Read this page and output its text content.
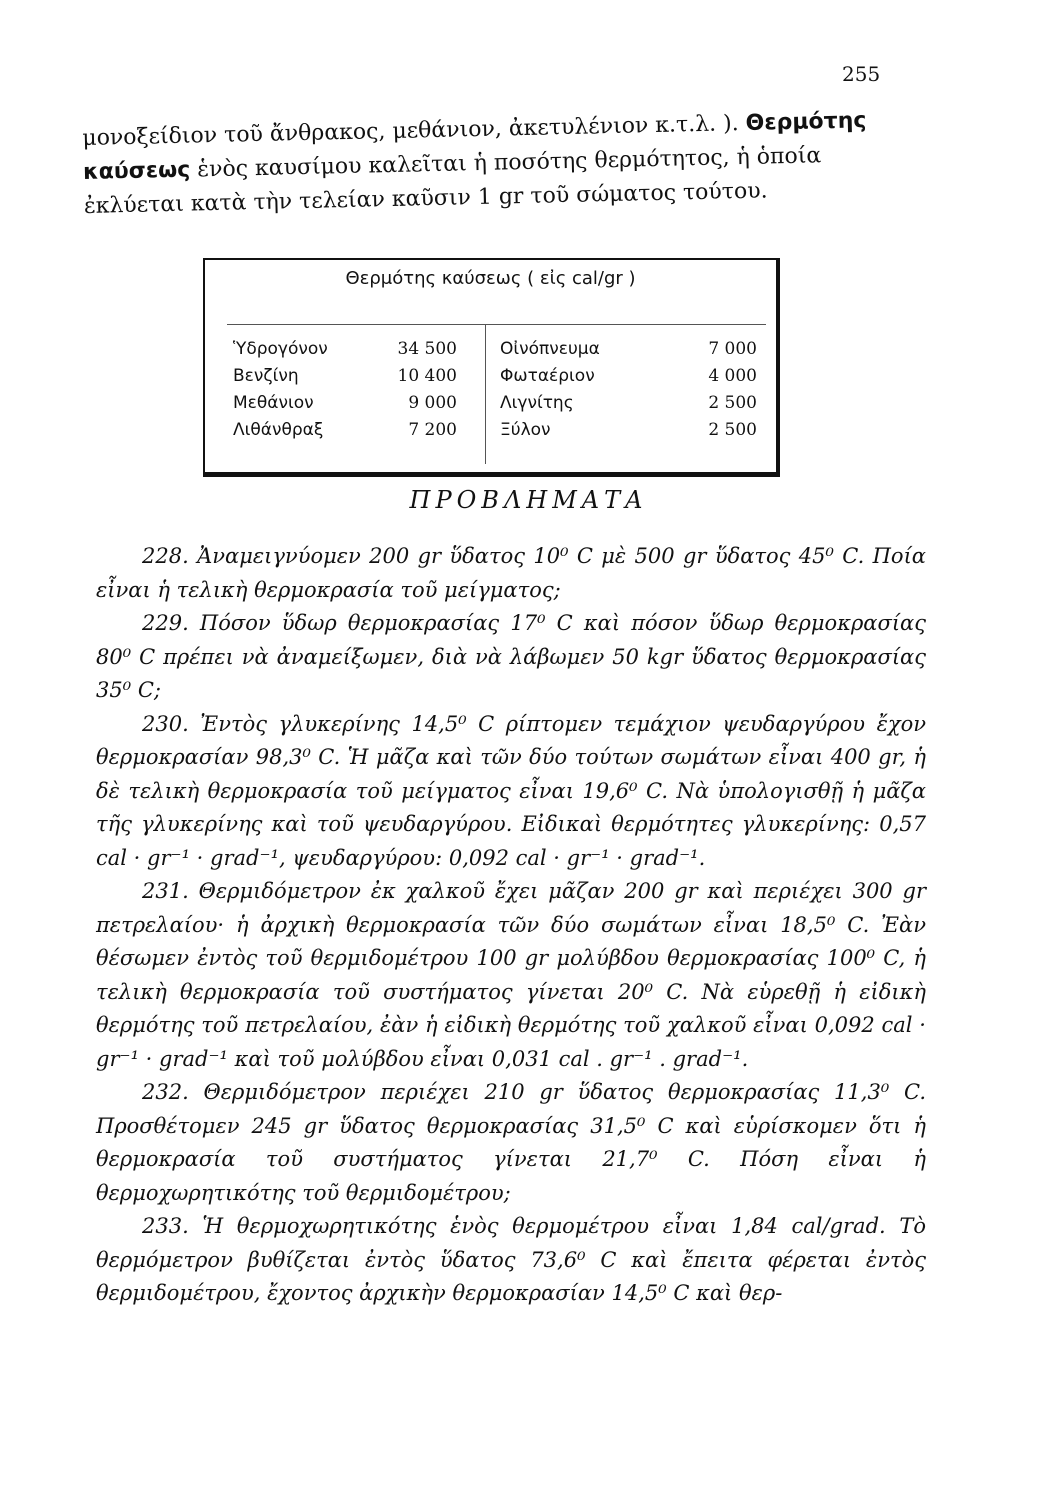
255
μονοξείδιον τοῦ ἄνθρακος, μεθάνιον, ἀκετυλένιον κ.τ.λ. ). Θερμότης καύσεως ἑνὸς καυσίμου καλεῖται ἡ ποσότης θερμότητος, ἡ ὁποία ἐκλύεται κατὰ τὴν τελείαν καῦσιν 1 gr τοῦ σώματος τούτου.
Θερμότης καύσεως ( εἰς cal/gr )
Ὑδρογόνον
Βενζίνη
Μεθάνιον
Λιθάνθραξ
34 500
10 400
9 000
7 200
Οἰνόπνευμα
Φωταέριον
Λιγνίτης
Ξύλον
7 000
4 000
2 500
2 500
ΠΡΟΒΛΗΜΑΤΑ

228. Ἀναμειγνύομεν 200 gr ὕδατος 10⁰ C μὲ 500 gr ὕδατος 45⁰ C. Ποία εἶναι ἡ τελικὴ θερμοκρασία τοῦ μείγματος;

229. Πόσον ὕδωρ θερμοκρασίας 17⁰ C καὶ πόσον ὕδωρ θερμοκρασίας 80⁰ C πρέπει νὰ ἀναμείξωμεν, διὰ νὰ λάβωμεν 50 kgr ὕδατος θερμοκρασίας 35⁰ C;

230. Ἐντὸς γλυκερίνης 14,5⁰ C ρίπτομεν τεμάχιον ψευδαργύρου ἔχον θερμοκρασίαν 98,3⁰ C. Ἡ μᾶζα καὶ τῶν δύο τούτων σωμάτων εἶναι 400 gr, ἡ δὲ τελικὴ θερμοκρασία τοῦ μείγματος εἶναι 19,6⁰ C. Νὰ ὑπολογισθῇ ἡ μᾶζα τῆς γλυκερίνης καὶ τοῦ ψευδαργύρου. Εἰδικαὶ θερμότητες γλυκερίνης: 0,57 cal · gr⁻¹ · grad⁻¹, ψευδαργύρου: 0,092 cal · gr⁻¹ · grad⁻¹.

231. Θερμιδόμετρον ἐκ χαλκοῦ ἔχει μᾶζαν 200 gr καὶ περιέχει 300 gr πετρελαίου· ἡ ἀρχικὴ θερμοκρασία τῶν δύο σωμάτων εἶναι 18,5⁰ C. Ἐὰν θέσωμεν ἐντὸς τοῦ θερμιδομέτρου 100 gr μολύβδου θερμοκρασίας 100⁰ C, ἡ τελικὴ θερμοκρασία τοῦ συστήματος γίνεται 20⁰ C. Νὰ εὑρεθῇ ἡ εἰδικὴ θερμότης τοῦ πετρελαίου, ἐὰν ἡ εἰδικὴ θερμότης τοῦ χαλκοῦ εἶναι 0,092 cal · gr⁻¹ · grad⁻¹ καὶ τοῦ μολύβδου εἶναι 0,031 cal . gr⁻¹ . grad⁻¹.

232. Θερμιδόμετρον περιέχει 210 gr ὕδατος θερμοκρασίας 11,3⁰ C. Προσθέτομεν 245 gr ὕδατος θερμοκρασίας 31,5⁰ C καὶ εὑρίσκομεν ὅτι ἡ θερμοκρασία τοῦ συστήματος γίνεται 21,7⁰ C. Πόση εἶναι ἡ θερμοχωρητικότης τοῦ θερμιδομέτρου;

233. Ἡ θερμοχωρητικότης ἑνὸς θερμομέτρου εἶναι 1,84 cal/grad. Τὸ θερμόμετρον βυθίζεται ἐντὸς ὕδατος 73,6⁰ C καὶ ἔπειτα φέρεται ἐντὸς θερμιδομέτρου, ἔχοντος ἀρχικὴν θερμοκρασίαν 14,5⁰ C καὶ θερ-
